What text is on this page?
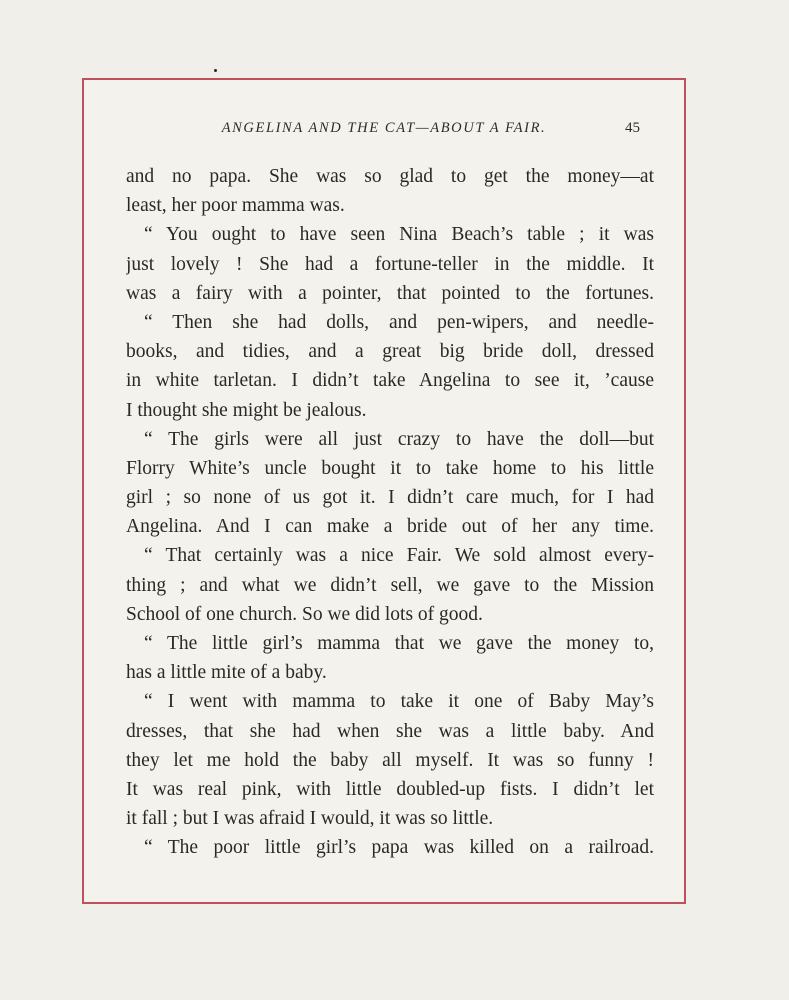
ANGELINA AND THE CAT—ABOUT A FAIR.	45
and no papa. She was so glad to get the money—at
least, her poor mamma was.
“ You ought to have seen Nina Beach’s table ; it was
just lovely ! She had a fortune-teller in the middle. It
was a fairy with a pointer, that pointed to the fortunes.
“ Then she had dolls, and pen-wipers, and needle-
books, and tidies, and a great big bride doll, dressed
in white tarletan. I didn’t take Angelina to see it, ’cause
I thought she might be jealous.
“ The girls were all just crazy to have the doll—but
Florry White’s uncle bought it to take home to his little
girl ; so none of us got it. I didn’t care much, for I had
Angelina. And I can make a bride out of her any time.
“ That certainly was a nice Fair. We sold almost every-
thing ; and what we didn’t sell, we gave to the Mission
School of one church. So we did lots of good.
“ The little girl’s mamma that we gave the money to,
has a little mite of a baby.
“ I went with mamma to take it one of Baby May’s
dresses, that she had when she was a little baby. And
they let me hold the baby all myself. It was so funny !
It was real pink, with little doubled-up fists. I didn’t let
it fall ; but I was afraid I would, it was so little.
“ The poor little girl’s papa was killed on a railroad.
